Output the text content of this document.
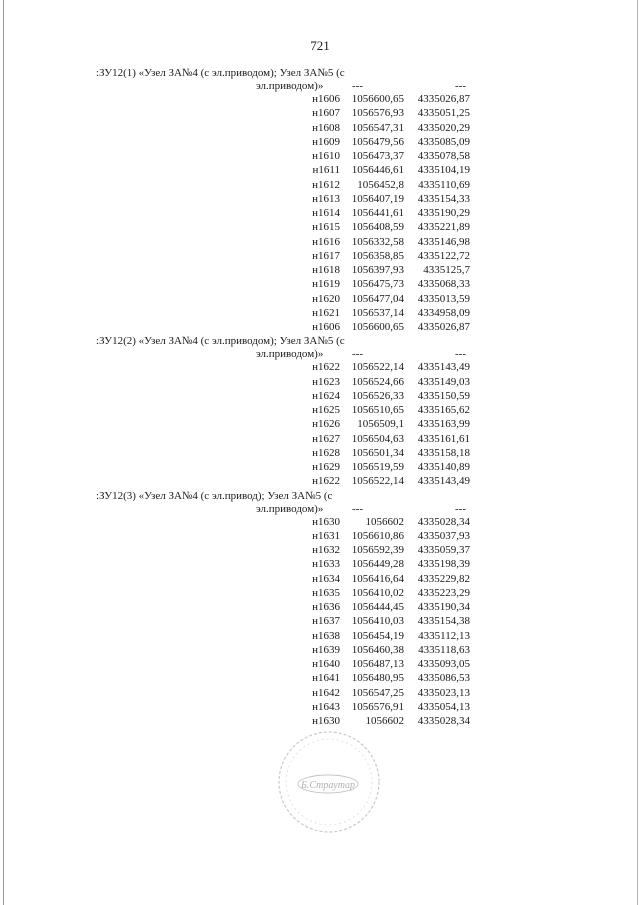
721
:ЗУ12(1) «Узел ЗА№4 (с эл.приводом); Узел ЗА№5 (с
эл.приводом)»	---	---
н1606 1056600,65 4335026,87
н1607 1056576,93 4335051,25
н1608 1056547,31 4335020,29
н1609 1056479,56 4335085,09
н1610 1056473,37 4335078,58
н1611 1056446,61 4335104,19
н1612 1056452,8 4335110,69
н1613 1056407,19 4335154,33
н1614 1056441,61 4335190,29
н1615 1056408,59 4335221,89
н1616 1056332,58 4335146,98
н1617 1056358,85 4335122,72
н1618 1056397,93 4335125,7
н1619 1056475,73 4335068,33
н1620 1056477,04 4335013,59
н1621 1056537,14 4334958,09
н1606 1056600,65 4335026,87
:ЗУ12(2) «Узел ЗА№4 (с эл.приводом); Узел ЗА№5 (с
эл.приводом)»	---	---
н1622 1056522,14 4335143,49
н1623 1056524,66 4335149,03
н1624 1056526,33 4335150,59
н1625 1056510,65 4335165,62
н1626 1056509,1 4335163,99
н1627 1056504,63 4335161,61
н1628 1056501,34 4335158,18
н1629 1056519,59 4335140,89
н1622 1056522,14 4335143,49
:ЗУ12(3) «Узел ЗА№4 (с эл.привод); Узел ЗА№5 (с
эл.приводом)»	---	---
н1630 1056602 4335028,34
н1631 1056610,86 4335037,93
н1632 1056592,39 4335059,37
н1633 1056449,28 4335198,39
н1634 1056416,64 4335229,82
н1635 1056410,02 4335223,29
н1636 1056444,45 4335190,34
н1637 1056410,03 4335154,38
н1638 1056454,19 4335112,13
н1639 1056460,38 4335118,63
н1640 1056487,13 4335093,05
н1641 1056480,95 4335086,53
н1642 1056547,25 4335023,13
н1643 1056576,91 4335054,13
н1630 1056602 4335028,34
Б.Страутар
